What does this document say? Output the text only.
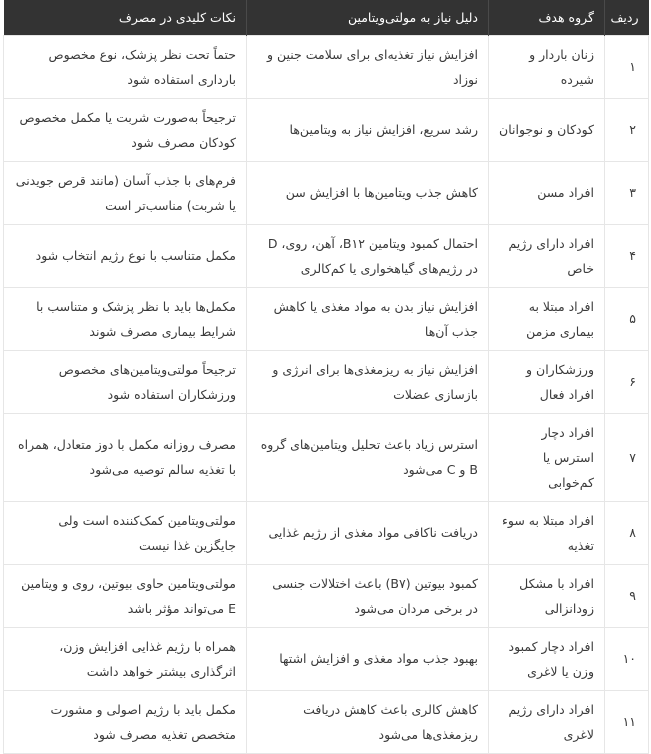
ردیف	گروه هدف	دلیل نیاز به مولتی‌ویتامین	نکات کلیدی در مصرف
۱	زنان باردار و شیرده	افزایش نیاز تغذیه‌ای برای سلامت جنین و نوزاد	حتماً تحت نظر پزشک، نوع مخصوص بارداری استفاده شود
۲	کودکان و نوجوانان	رشد سریع، افزایش نیاز به ویتامین‌ها	ترجیحاً به‌صورت شربت یا مکمل مخصوص کودکان مصرف شود
۳	افراد مسن	کاهش جذب ویتامین‌ها با افزایش سن	فرم‌های با جذب آسان (مانند قرص جویدنی یا شربت) مناسب‌تر است
۴	افراد دارای رژیم خاص	احتمال کمبود ویتامین B۱۲، آهن، روی، D در رژیم‌های گیاهخواری یا کم‌کالری	مکمل متناسب با نوع رژیم انتخاب شود
۵	افراد مبتلا به بیماری مزمن	افزایش نیاز بدن به مواد مغذی یا کاهش جذب آن‌ها	مکمل‌ها باید با نظر پزشک و متناسب با شرایط بیماری مصرف شوند
۶	ورزشکاران و افراد فعال	افزایش نیاز به ریزمغذی‌ها برای انرژی و بازسازی عضلات	ترجیحاً مولتی‌ویتامین‌های مخصوص ورزشکاران استفاده شود
۷	افراد دچار استرس یا کم‌خوابی	استرس زیاد باعث تحلیل ویتامین‌های گروه B و C می‌شود	مصرف روزانه مکمل با دوز متعادل، همراه با تغذیه سالم توصیه می‌شود
۸	افراد مبتلا به سوء تغذیه	دریافت ناکافی مواد مغذی از رژیم غذایی	مولتی‌ویتامین کمک‌کننده است ولی جایگزین غذا نیست
۹	افراد با مشکل زودانزالی	کمبود بیوتین (B۷) باعث اختلالات جنسی در برخی مردان می‌شود	مولتی‌ویتامین حاوی بیوتین، روی و ویتامین E می‌تواند مؤثر باشد
۱۰	افراد دچار کمبود وزن یا لاغری	بهبود جذب مواد مغذی و افزایش اشتها	همراه با رژیم غذایی افزایش وزن، اثرگذاری بیشتر خواهد داشت
۱۱	افراد دارای رژیم لاغری	کاهش کالری باعث کاهش دریافت ریزمغذی‌ها می‌شود	مکمل باید با رژیم اصولی و مشورت متخصص تغذیه مصرف شود
